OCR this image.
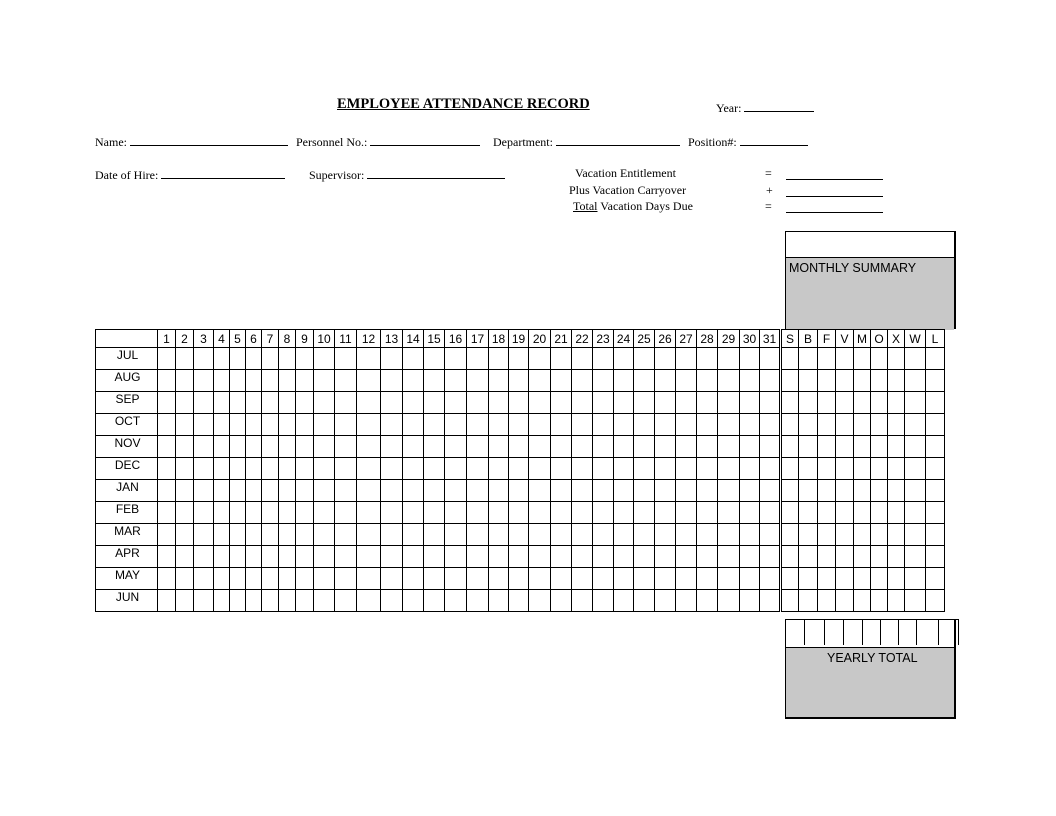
EMPLOYEE ATTENDANCE RECORD	Year:
Name:	Personnel No.:	Department:	Position#:
Date of Hire:	Supervisor:	Vacation Entitlement	=
Plus Vacation Carryover	+
Total Vacation Days Due	=
MONTHLY SUMMARY
	1	2	3	4	5	6	7	8	9	10	11	12	13	14	15	16	17	18	19	20	21	22	23	24	25	26	27	28	29	30	31	S	B	F	V	M	O	X	W	L
JUL																																								
AUG																																								
SEP																																								
OCT																																								
NOV																																								
DEC																																								
JAN																																								
FEB																																								
MAR																																								
APR																																								
MAY																																								
JUN																																								

YEARLY TOTAL
